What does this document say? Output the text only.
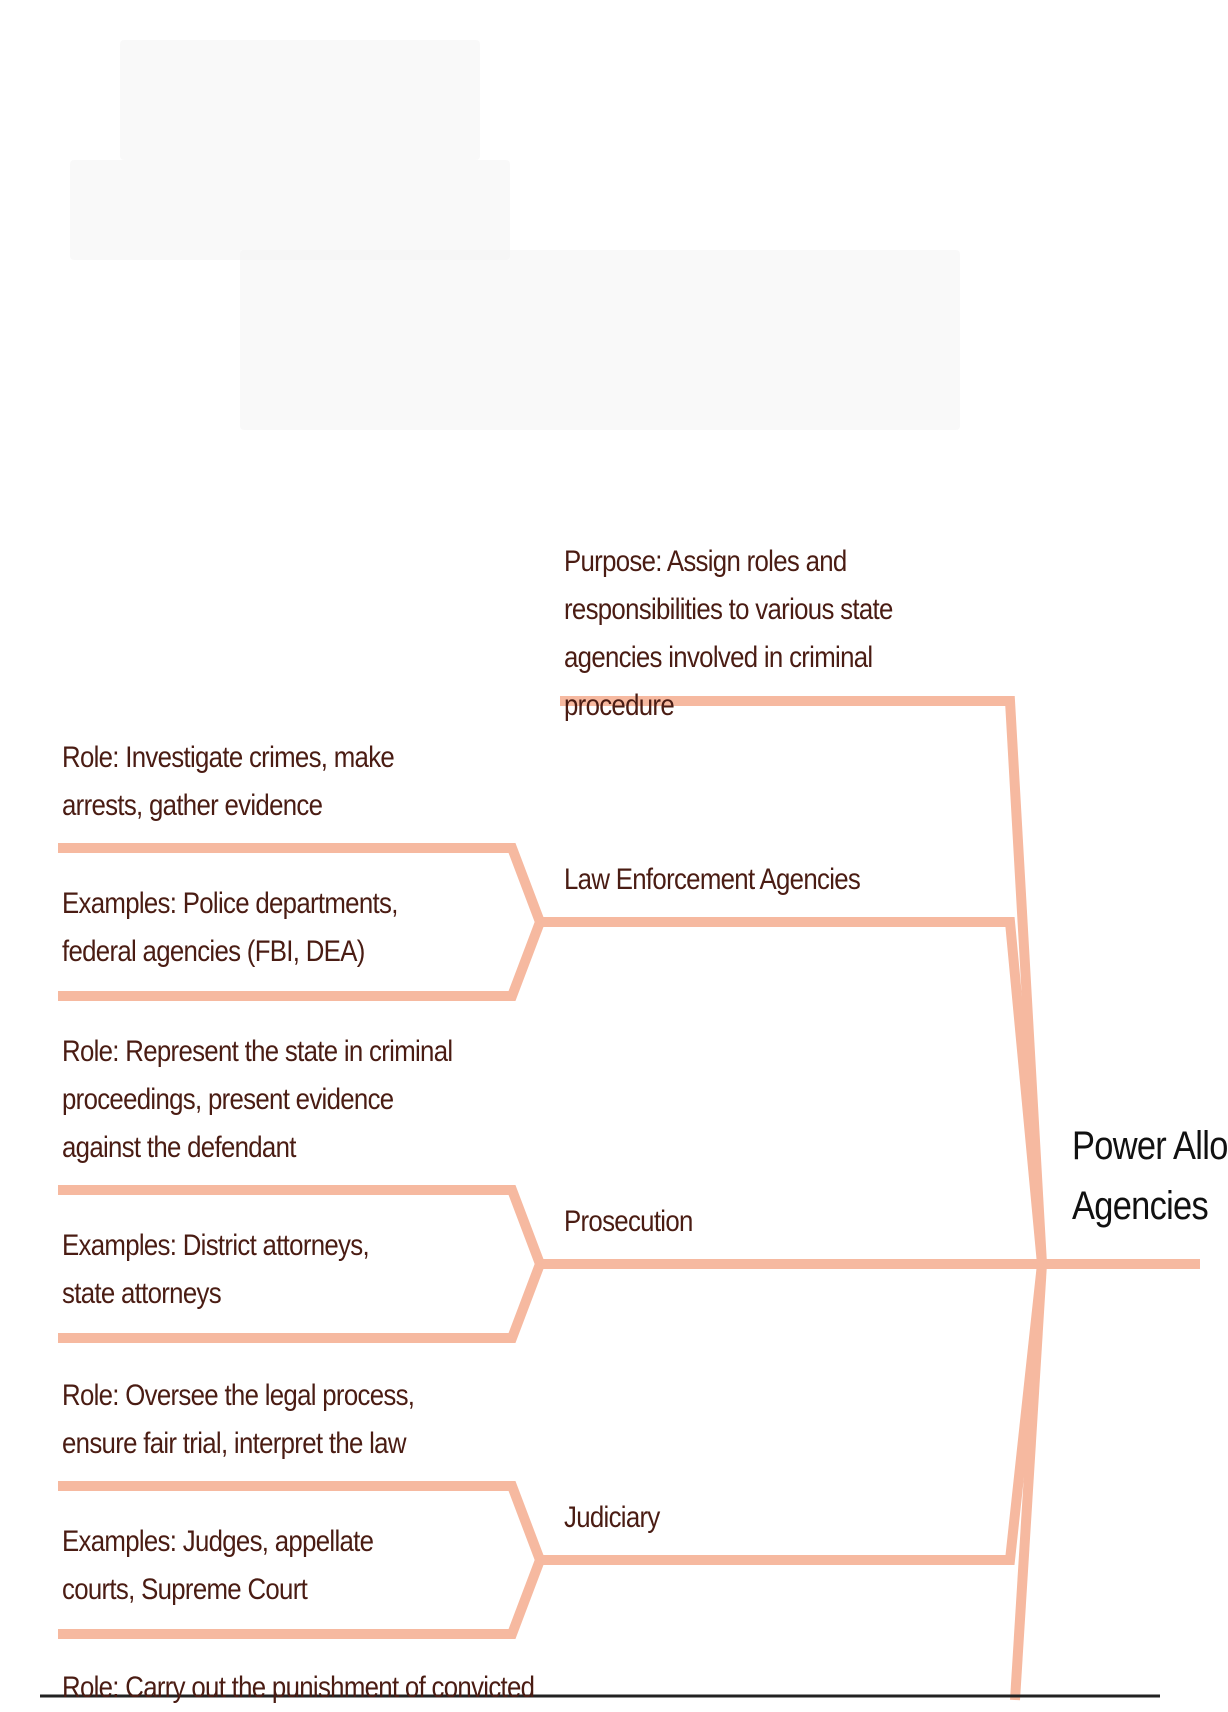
Power Allo
Agencies
Purpose: Assign roles and responsibilities to various state agencies involved in criminal procedure
Law Enforcement Agencies
Role: Investigate crimes, make arrests, gather evidence
Examples: Police departments, federal agencies (FBI, DEA)
Prosecution
Role: Represent the state in criminal proceedings, present evidence against the defendant
Examples: District attorneys, state attorneys
Judiciary
Role: Oversee the legal process, ensure fair trial, interpret the law
Examples: Judges, appellate courts, Supreme Court
Role: Carry out the punishment of convicted
